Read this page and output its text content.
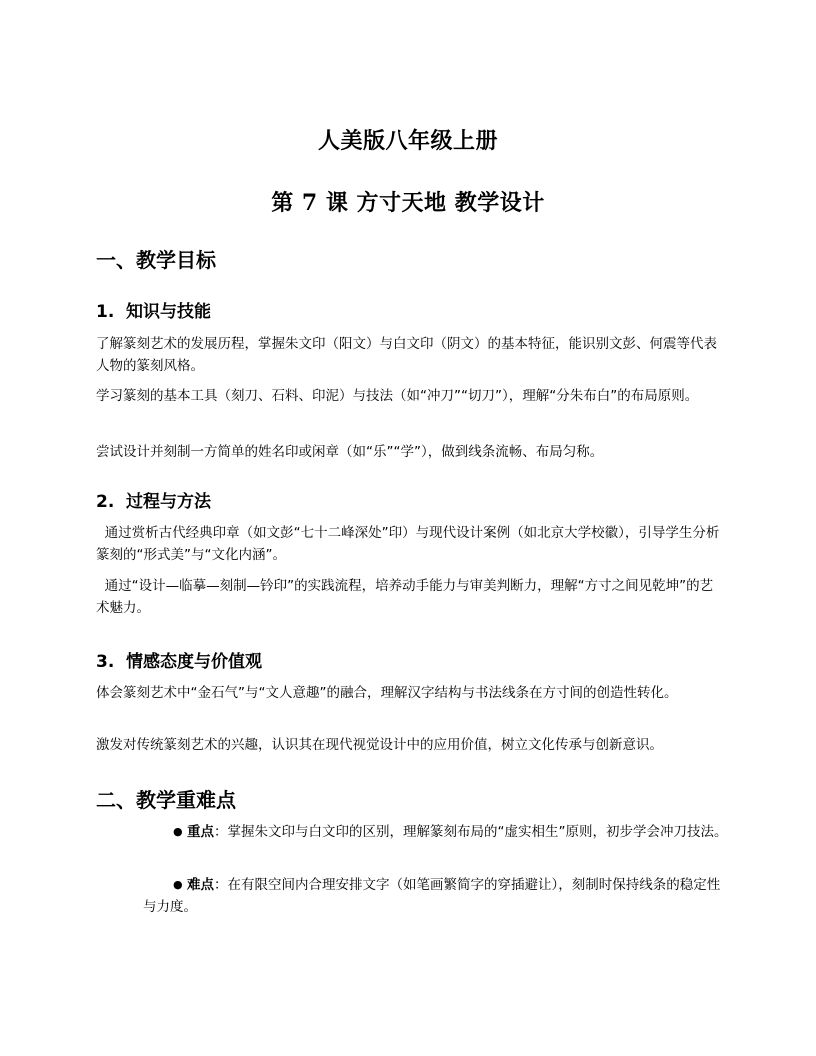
人美版八年级上册
第 7 课 方寸天地 教学设计
一、教学目标
1. 知识与技能
了解篆刻艺术的发展历程，掌握朱文印（阳文）与白文印（阴文）的基本特征，能识别文彭、何震等代表人物的篆刻风格。
学习篆刻的基本工具（刻刀、石料、印泥）与技法（如“冲刀”“切刀”），理解“分朱布白”的布局原则。
尝试设计并刻制一方简单的姓名印或闲章（如“乐”“学”），做到线条流畅、布局匀称。
2. 过程与方法
通过赏析古代经典印章（如文彭“七十二峰深处”印）与现代设计案例（如北京大学校徽），引导学生分析篆刻的“形式美”与“文化内涵”。
通过“设计—临摹—刻制—钤印”的实践流程，培养动手能力与审美判断力，理解“方寸之间见乾坤”的艺术魅力。
3. 情感态度与价值观
体会篆刻艺术中“金石气”与“文人意趣”的融合，理解汉字结构与书法线条在方寸间的创造性转化。
激发对传统篆刻艺术的兴趣，认识其在现代视觉设计中的应用价值，树立文化传承与创新意识。
二、教学重难点
● 重点：掌握朱文印与白文印的区别，理解篆刻布局的“虚实相生”原则，初步学会冲刀技法。
● 难点：在有限空间内合理安排文字（如笔画繁简字的穿插避让），刻制时保持线条的稳定性与力度。
